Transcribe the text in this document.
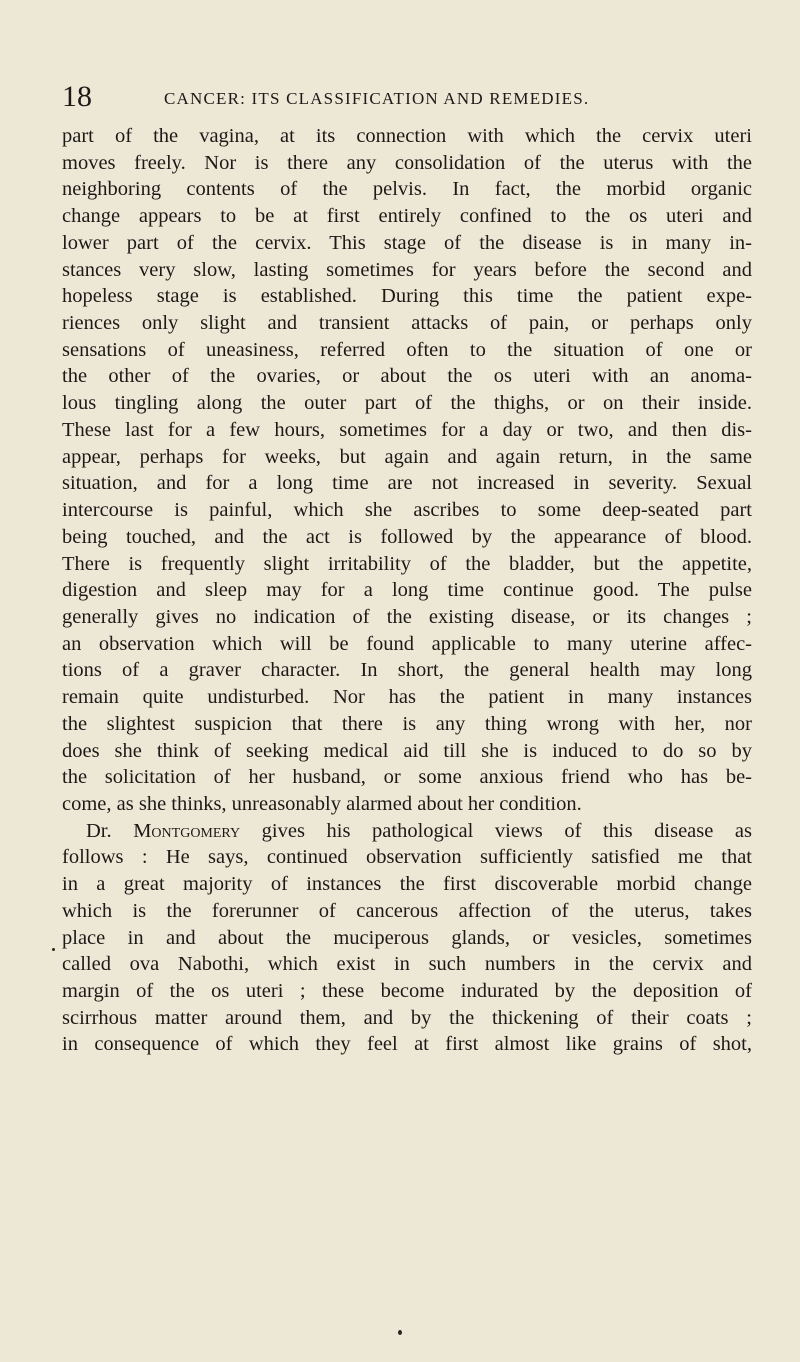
18	CANCER: ITS CLASSIFICATION AND REMEDIES.
part of the vagina, at its connection with which the cervix uteri
moves freely. Nor is there any consolidation of the uterus with the
neighboring contents of the pelvis. In fact, the morbid organic
change appears to be at first entirely confined to the os uteri and
lower part of the cervix. This stage of the disease is in many in-
stances very slow, lasting sometimes for years before the second and
hopeless stage is established. During this time the patient expe-
riences only slight and transient attacks of pain, or perhaps only
sensations of uneasiness, referred often to the situation of one or
the other of the ovaries, or about the os uteri with an anoma-
lous tingling along the outer part of the thighs, or on their inside.
These last for a few hours, sometimes for a day or two, and then dis-
appear, perhaps for weeks, but again and again return, in the same
situation, and for a long time are not increased in severity. Sexual
intercourse is painful, which she ascribes to some deep-seated part
being touched, and the act is followed by the appearance of blood.
There is frequently slight irritability of the bladder, but the appetite,
digestion and sleep may for a long time continue good. The pulse
generally gives no indication of the existing disease, or its changes ;
an observation which will be found applicable to many uterine affec-
tions of a graver character. In short, the general health may long
remain quite undisturbed. Nor has the patient in many instances
the slightest suspicion that there is any thing wrong with her, nor
does she think of seeking medical aid till she is induced to do so by
the solicitation of her husband, or some anxious friend who has be-
come, as she thinks, unreasonably alarmed about her condition.
Dr. Montgomery gives his pathological views of this disease as
follows : He says, continued observation sufficiently satisfied me that
in a great majority of instances the first discoverable morbid change
which is the forerunner of cancerous affection of the uterus, takes
place in and about the muciperous glands, or vesicles, sometimes
called ova Nabothi, which exist in such numbers in the cervix and
margin of the os uteri ; these become indurated by the deposition of
scirrhous matter around them, and by the thickening of their coats ;
in consequence of which they feel at first almost like grains of shot,
